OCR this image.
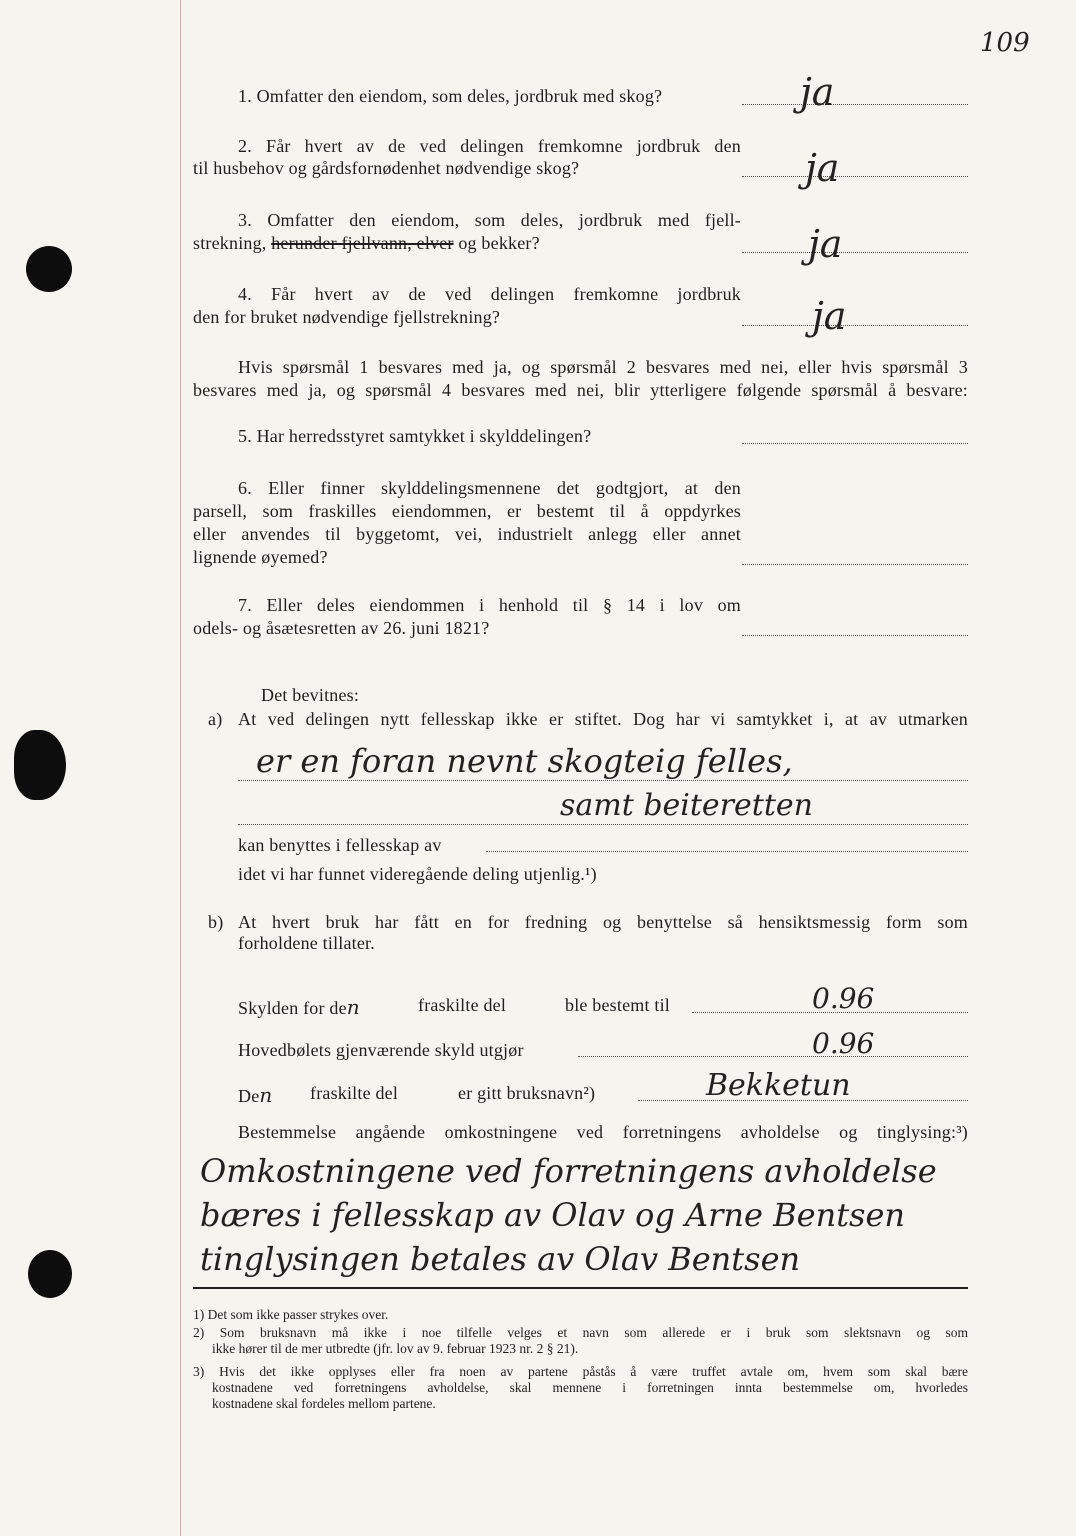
109
1. Omfatter den eiendom, som deles, jordbruk med skog?	ja
2. Får hvert av de ved delingen fremkomne jordbruk den
til husbehov og gårdsfornødenhet nødvendige skog?	ja
3. Omfatter den eiendom, som deles, jordbruk med fjell-
strekning, herunder fjellvann, elver og bekker?	ja
4. Får hvert av de ved delingen fremkomne jordbruk
den for bruket nødvendige fjellstrekning?	ja
Hvis spørsmål 1 besvares med ja, og spørsmål 2 besvares med nei, eller hvis spørsmål 3
besvares med ja, og spørsmål 4 besvares med nei, blir ytterligere følgende spørsmål å besvare:
5. Har herredsstyret samtykket i skylddelingen?
6. Eller finner skylddelingsmennene det godtgjort, at den
parsell, som fraskilles eiendommen, er bestemt til å oppdyrkes
eller anvendes til byggetomt, vei, industrielt anlegg eller annet
lignende øyemed?
7. Eller deles eiendommen i henhold til § 14 i lov om
odels- og åsætesretten av 26. juni 1821?
Det bevitnes:
a) At ved delingen nytt fellesskap ikke er stiftet. Dog har vi samtykket i, at av utmarken
er en foran nevnt skogteig felles,
samt beiteretten
kan benyttes i fellesskap av
idet vi har funnet videregående deling utjenlig.¹)
b) At hvert bruk har fått en for fredning og benyttelse så hensiktsmessig form som
forholdene tillater.
Skylden for den	fraskilte del	ble bestemt til	0.96
Hovedbølets gjenværende skyld utgjør	0.96
Den fraskilte del	er gitt bruksnavn²)	Bekketun
Bestemmelse angående omkostningene ved forretningens avholdelse og tinglysing:³)
Omkostningene ved forretningens avholdelse
bæres i fellesskap av Olav og Arne Bentsen
tinglysingen betales av Olav Bentsen
1) Det som ikke passer strykes over.
2) Som bruksnavn må ikke i noe tilfelle velges et navn som allerede er i bruk som slektsnavn og som
ikke hører til de mer utbredte (jfr. lov av 9. februar 1923 nr. 2 § 21).
3) Hvis det ikke opplyses eller fra noen av partene påstås å være truffet avtale om, hvem som skal bære
kostnadene ved forretningens avholdelse, skal mennene i forretningen innta bestemmelse om, hvorledes
kostnadene skal fordeles mellom partene.
